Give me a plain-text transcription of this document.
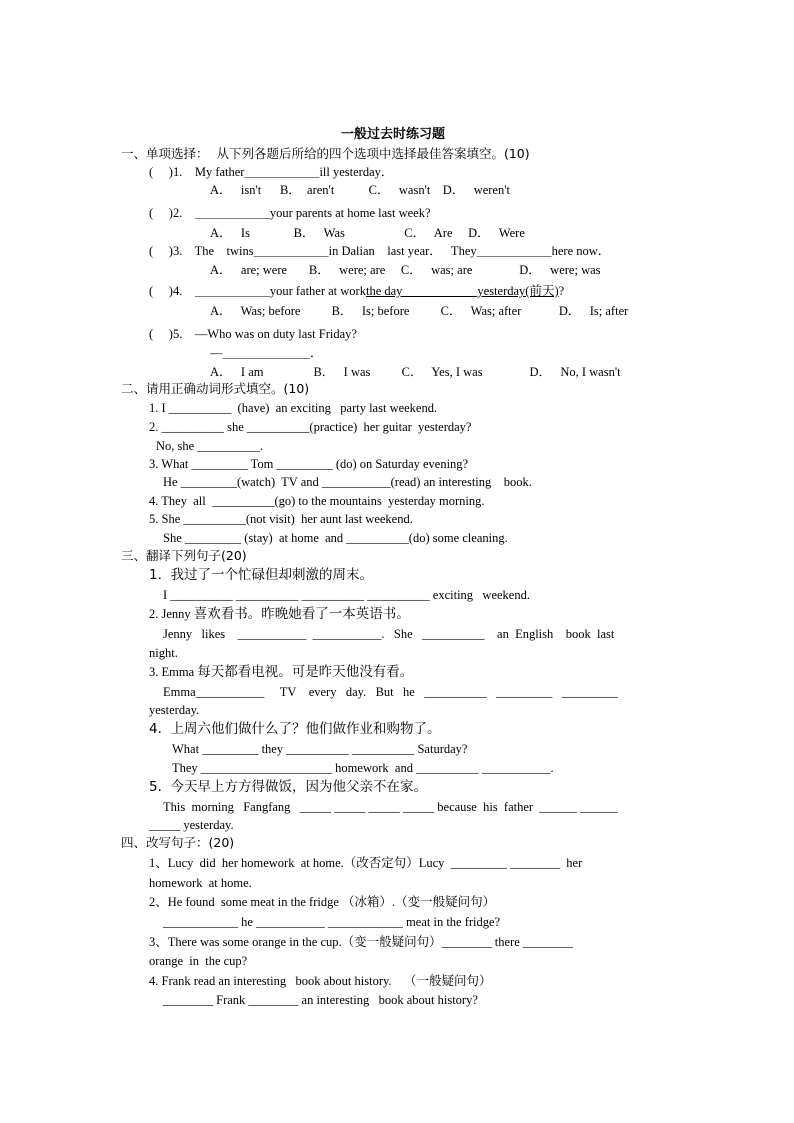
一般过去时练习题
一、单项选择：  从下列各题后所给的四个选项中选择最佳答案填空。(10)
(     )1.    My father＿＿＿＿＿＿ill yesterday．
A．   isn't      B．  aren't           C．   wasn't    D．   weren't
(     )2.    ＿＿＿＿＿＿your parents at home last week?
A．   Is              B．   Was                   C．   Are     D．   Were
(     )3.    The    twins＿＿＿＿＿＿in Dalian    last year．   They＿＿＿＿＿＿here now．
A．   are; were       B．   were; are     C．   was; are               D．   were; was
(     )4.    ＿＿＿＿＿＿your father at workthe day＿＿＿＿＿＿yesterday(前天)?
A．   Was; before          B．   Is; before          C．   Was; after            D．   Is; after
(     )5.    —Who was on duty last Friday?
—＿＿＿＿＿＿＿．
A．   I am                B．   I was          C．   Yes, I was               D．   No, I wasn't
二、请用正确动词形式填空。(10)
1. I __________  (have)  an exciting   party last weekend.
2. __________ she __________(practice)  her guitar  yesterday?
No, she __________.
3. What _________ Tom _________ (do) on Saturday evening?
He _________(watch)  TV and ___________(read) an interesting    book.
4. They  all  __________(go) to the mountains  yesterday morning.
5. She __________(not visit)  her aunt last weekend.
She _________ (stay)  at home  and __________(do) some cleaning.
三、翻译下列句子(20)
1.  我过了一个忙碌但却刺激的周末。
I __________ __________ __________ __________ exciting   weekend.
2. Jenny 喜欢看书。昨晚她看了一本英语书。
Jenny   likes    ___________  ___________.   She   __________    an  English    book  last
night.
3. Emma 每天都看电视。可是昨天他没有看。
Emma___________     TV    every   day.   But   he   __________   _________   _________
yesterday.
4.  上周六他们做什么了？他们做作业和购物了。
What _________ they __________ __________ Saturday?
They _____________________ homework  and __________ ___________.
5.  今天早上方方得做饭，因为他父亲不在家。
This  morning   Fangfang   _____ _____ _____ _____ because  his  father  ______ ______
_____ yesterday.
四、改写句子：(20)
1、Lucy  did  her homework  at home.（改否定句）Lucy  _________ ________  her
homework  at home.
2、He found  some meat in the fridge （冰箱）.（变一般疑问句）
____________ he ___________ ____________ meat in the fridge?
3、There was some orange in the cup.（变一般疑问句）________ there ________
orange  in  the cup?
4. Frank read an interesting   book about history.    （一般疑问句）
________ Frank ________ an interesting   book about history?
